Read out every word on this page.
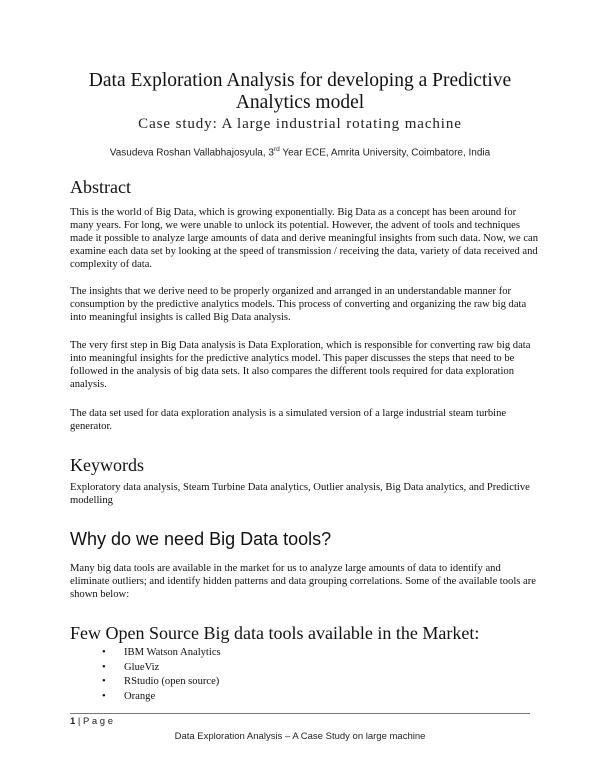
Data Exploration Analysis for developing a Predictive Analytics model
Case study: A large industrial rotating machine
Vasudeva Roshan Vallabhajosyula, 3rd Year ECE, Amrita University, Coimbatore, India
Abstract

This is the world of Big Data, which is growing exponentially. Big Data as a concept has been around for many years. For long, we were unable to unlock its potential. However, the advent of tools and techniques made it possible to analyze large amounts of data and derive meaningful insights from such data. Now, we can examine each data set by looking at the speed of transmission / receiving the data, variety of data received and complexity of data.

The insights that we derive need to be properly organized and arranged in an understandable manner for consumption by the predictive analytics models. This process of converting and organizing the raw big data into meaningful insights is called Big Data analysis.

The very first step in Big Data analysis is Data Exploration, which is responsible for converting raw big data into meaningful insights for the predictive analytics model. This paper discusses the steps that need to be followed in the analysis of big data sets. It also compares the different tools required for data exploration analysis.

The data set used for data exploration analysis is a simulated version of a large industrial steam turbine generator.

Keywords

Exploratory data analysis, Steam Turbine Data analytics, Outlier analysis, Big Data analytics, and Predictive modelling

Why do we need Big Data tools?

Many big data tools are available in the market for us to analyze large amounts of data to identify and eliminate outliers; and identify hidden patterns and data grouping correlations. Some of the available tools are shown below:

Few Open Source Big data tools available in the Market:
• IBM Watson Analytics
• GlueViz
• RStudio (open source)
• Orange
1 | P a g e
Data Exploration Analysis – A Case Study on large machine
